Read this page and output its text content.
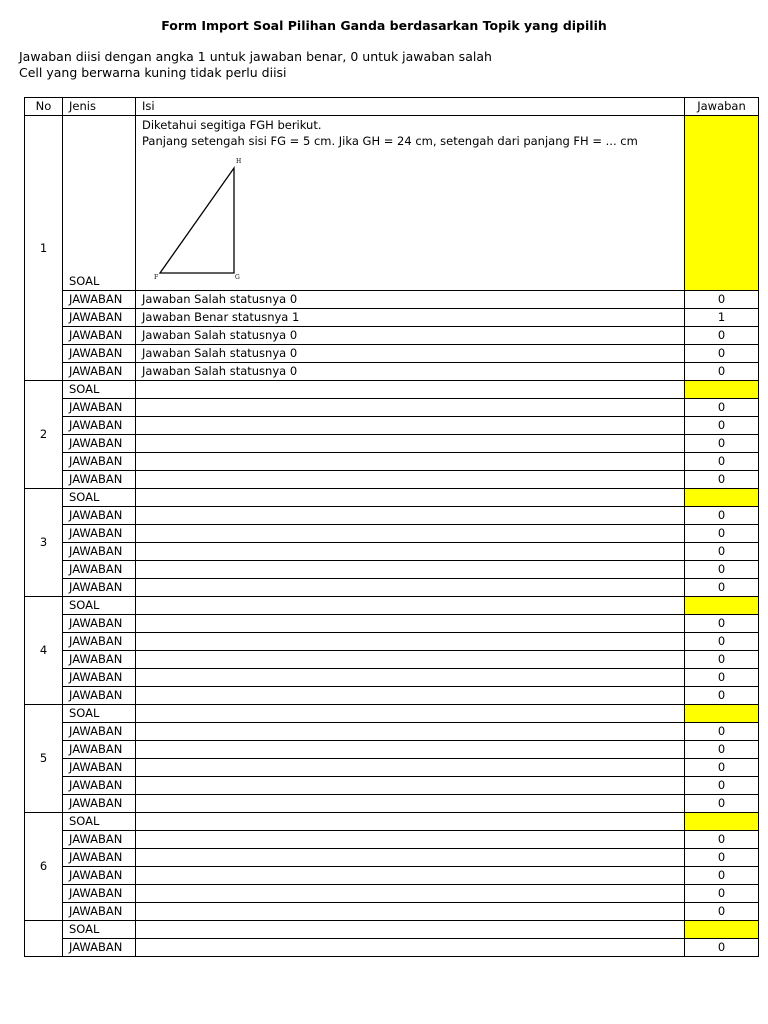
Form Import Soal Pilihan Ganda berdasarkan Topik yang dipilih
Jawaban diisi dengan angka 1 untuk jawaban benar, 0 untuk jawaban salah
Cell yang berwarna kuning tidak perlu diisi
No	Jenis	Isi	Jawaban
1	SOAL	Diketahui segitiga FGH berikut.
Panjang setengah sisi FG = 5 cm. Jika GH = 24 cm, setengah dari panjang FH = ... cm
H
F G	

	JAWABAN	Jawaban Salah statusnya 0	0
	JAWABAN	Jawaban Benar statusnya 1	1
	JAWABAN	Jawaban Salah statusnya 0	0
	JAWABAN	Jawaban Salah statusnya 0	0
	JAWABAN	Jawaban Salah statusnya 0	0
2	SOAL		
	JAWABAN		0
	JAWABAN		0
	JAWABAN		0
	JAWABAN		0
	JAWABAN		0
3	SOAL		
	JAWABAN		0
	JAWABAN		0
	JAWABAN		0
	JAWABAN		0
	JAWABAN		0
4	SOAL		
	JAWABAN		0
	JAWABAN		0
	JAWABAN		0
	JAWABAN		0
	JAWABAN		0
5	SOAL		
	JAWABAN		0
	JAWABAN		0
	JAWABAN		0
	JAWABAN		0
	JAWABAN		0
6	SOAL		
	JAWABAN		0
	JAWABAN		0
	JAWABAN		0
	JAWABAN		0
	JAWABAN		0
	SOAL		
	JAWABAN		0
